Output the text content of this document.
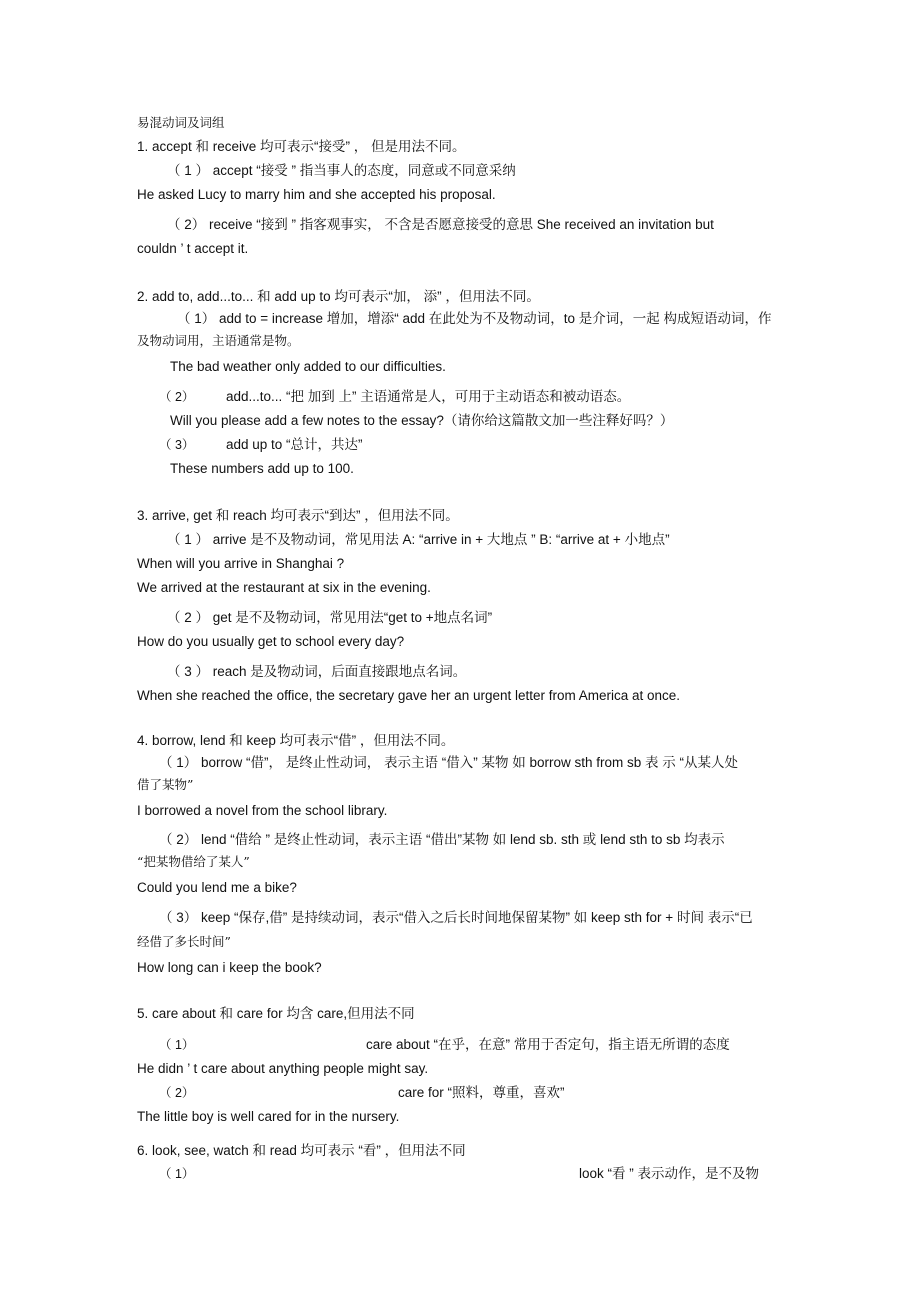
易混动词及词组
1. accept 和 receive 均可表示“接受” ， 但是用法不同。
（ 1 ） accept “接受 ” 指当事人的态度，同意或不同意采纳
He asked Lucy to marry him and she accepted his proposal.
（ 2） receive “接到 ” 指客观事实， 不含是否愿意接受的意思 She received an invitation but
couldn ’ t accept it.
2. add to, add...to... 和 add up to 均可表示“加， 添” ，但用法不同。
（ 1） add to = increase 增加，增添“ add 在此处为不及物动词，to 是介词，一起 构成短语动词，作
及物动词用，主语通常是物。
The bad weather only added to our difficulties.
（ 2） add...to... “把 加到 上” 主语通常是人，可用于主动语态和被动语态。
Will you please add a few notes to the essay?（请你给这篇散文加一些注释好吗？）
（ 3） add up to “总计，共达”
These numbers add up to 100.
3. arrive, get 和 reach 均可表示“到达” ，但用法不同。
（ 1 ） arrive 是不及物动词，常见用法 A: “arrive in + 大地点 ” B: “arrive at + 小地点”
When will you arrive in Shanghai ?
We arrived at the restaurant at six in the evening.
（ 2 ） get 是不及物动词，常见用法“get to +地点名词”
How do you usually get to school every day?
（ 3 ） reach 是及物动词，后面直接跟地点名词。
When she reached the office, the secretary gave her an urgent letter from America at once.
4. borrow, lend 和 keep 均可表示“借” ，但用法不同。
（ 1） borrow “借”， 是终止性动词， 表示主语 “借入” 某物 如 borrow sth from sb 表 示 “从某人处
借了某物”
I borrowed a novel from the school library.
（ 2） lend “借给 ” 是终止性动词，表示主语 “借出”某物 如 lend sb. sth 或 lend sth to sb 均表示
“把某物借给了某人”
Could you lend me a bike?
（ 3） keep “保存,借” 是持续动词，表示“借入之后长时间地保留某物” 如 keep sth for + 时间 表示“已
经借了多长时间”
How long can i keep the book?
5. care about 和 care for 均含 care,但用法不同
（ 1）	care about “在乎，在意” 常用于否定句，指主语无所谓的态度
He didn ’ t care about anything people might say.
（ 2）	care for “照料，尊重，喜欢”
The little boy is well cared for in the nursery.
6. look, see, watch 和 read 均可表示 “看” ，但用法不同
（ 1）	look “看 ” 表示动作，是不及物
